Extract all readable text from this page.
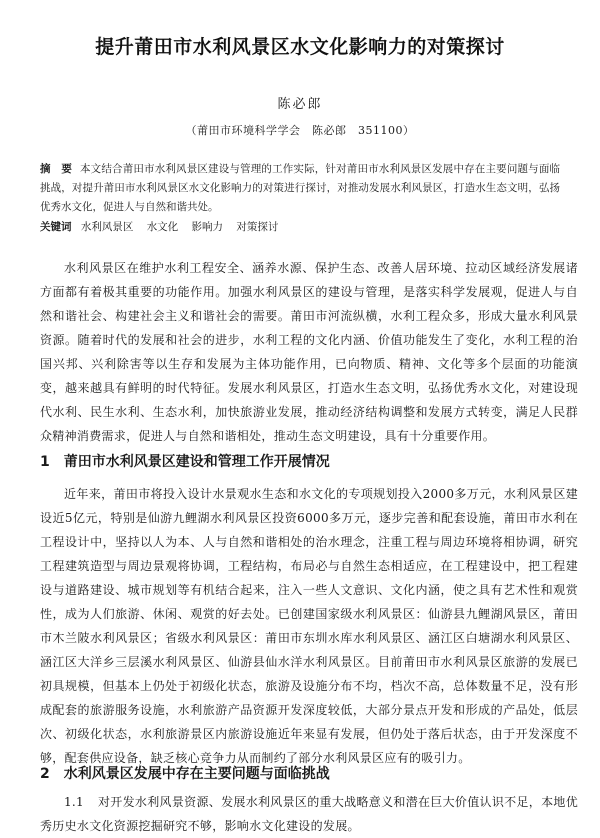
提升莆田市水利风景区水文化影响力的对策探讨
陈必郎
（莆田市环境科学学会　陈必郎　351100）
摘　要 本文结合莆田市水利风景区建设与管理的工作实际，针对莆田市水利风景区发展中存在主要问题与面临挑战，对提升莆田市水利风景区水文化影响力的对策进行探讨，对推动发展水利风景区，打造水生态文明，弘扬优秀水文化，促进人与自然和谐共处。
关键词 水利风景区 水文化 影响力 对策探讨
水利风景区在维护水利工程安全、涵养水源、保护生态、改善人居环境、拉动区域经济发展诸方面都有着极其重要的功能作用。加强水利风景区的建设与管理，是落实科学发展观，促进人与自然和谐社会、构建社会主义和谐社会的需要。莆田市河流纵横，水利工程众多，形成大量水利风景资源。随着时代的发展和社会的进步，水利工程的文化内涵、价值功能发生了变化，水利工程的治国兴邦、兴利除害等以生存和发展为主体功能作用，已向物质、精神、文化等多个层面的功能演变，越来越具有鲜明的时代特征。发展水利风景区，打造水生态文明，弘扬优秀水文化，对建设现代水利、民生水利、生态水利，加快旅游业发展，推动经济结构调整和发展方式转变，满足人民群众精神消费需求，促进人与自然和谐相处，推动生态文明建设，具有十分重要作用。
1 莆田市水利风景区建设和管理工作开展情况
近年来，莆田市将投入设计水景观水生态和水文化的专项规划投入2000多万元，水利风景区建设近5亿元，特别是仙游九鲤湖水利风景区投资6000多万元，逐步完善和配套设施，莆田市水利在工程设计中，坚持以人为本、人与自然和谐相处的治水理念，注重工程与周边环境将相协调，研究工程建筑造型与周边景观将协调，工程结构，布局必与自然生态相适应，在工程建设中，把工程建设与道路建设、城市规划等有机结合起来，注入一些人文意识、文化内涵，使之具有艺术性和观赏性，成为人们旅游、休闲、观赏的好去处。已创建国家级水利风景区：仙游县九鲤湖风景区，莆田市木兰陂水利风景区；省级水利风景区：莆田市东圳水库水利风景区、涵江区白塘湖水利风景区、涵江区大洋乡三层溪水利风景区、仙游县仙水洋水利风景区。目前莆田市水利风景区旅游的发展已初具规模，但基本上仍处于初级化状态，旅游及设施分布不均，档次不高，总体数量不足，没有形成配套的旅游服务设施，水利旅游产品资源开发深度较低，大部分景点开发和形成的产品处，低层次、初级化状态，水利旅游景区内旅游设施近年来显有发展，但仍处于落后状态，由于开发深度不够，配套供应设备，缺乏核心竞争力从而制约了部分水利风景区应有的吸引力。
2 水利风景区发展中存在主要问题与面临挑战
1.1 对开发水利风景资源、发展水利风景区的重大战略意义和潜在巨大价值认识不足，本地优秀历史水文化资源挖掘研究不够，影响水文化建设的发展。
